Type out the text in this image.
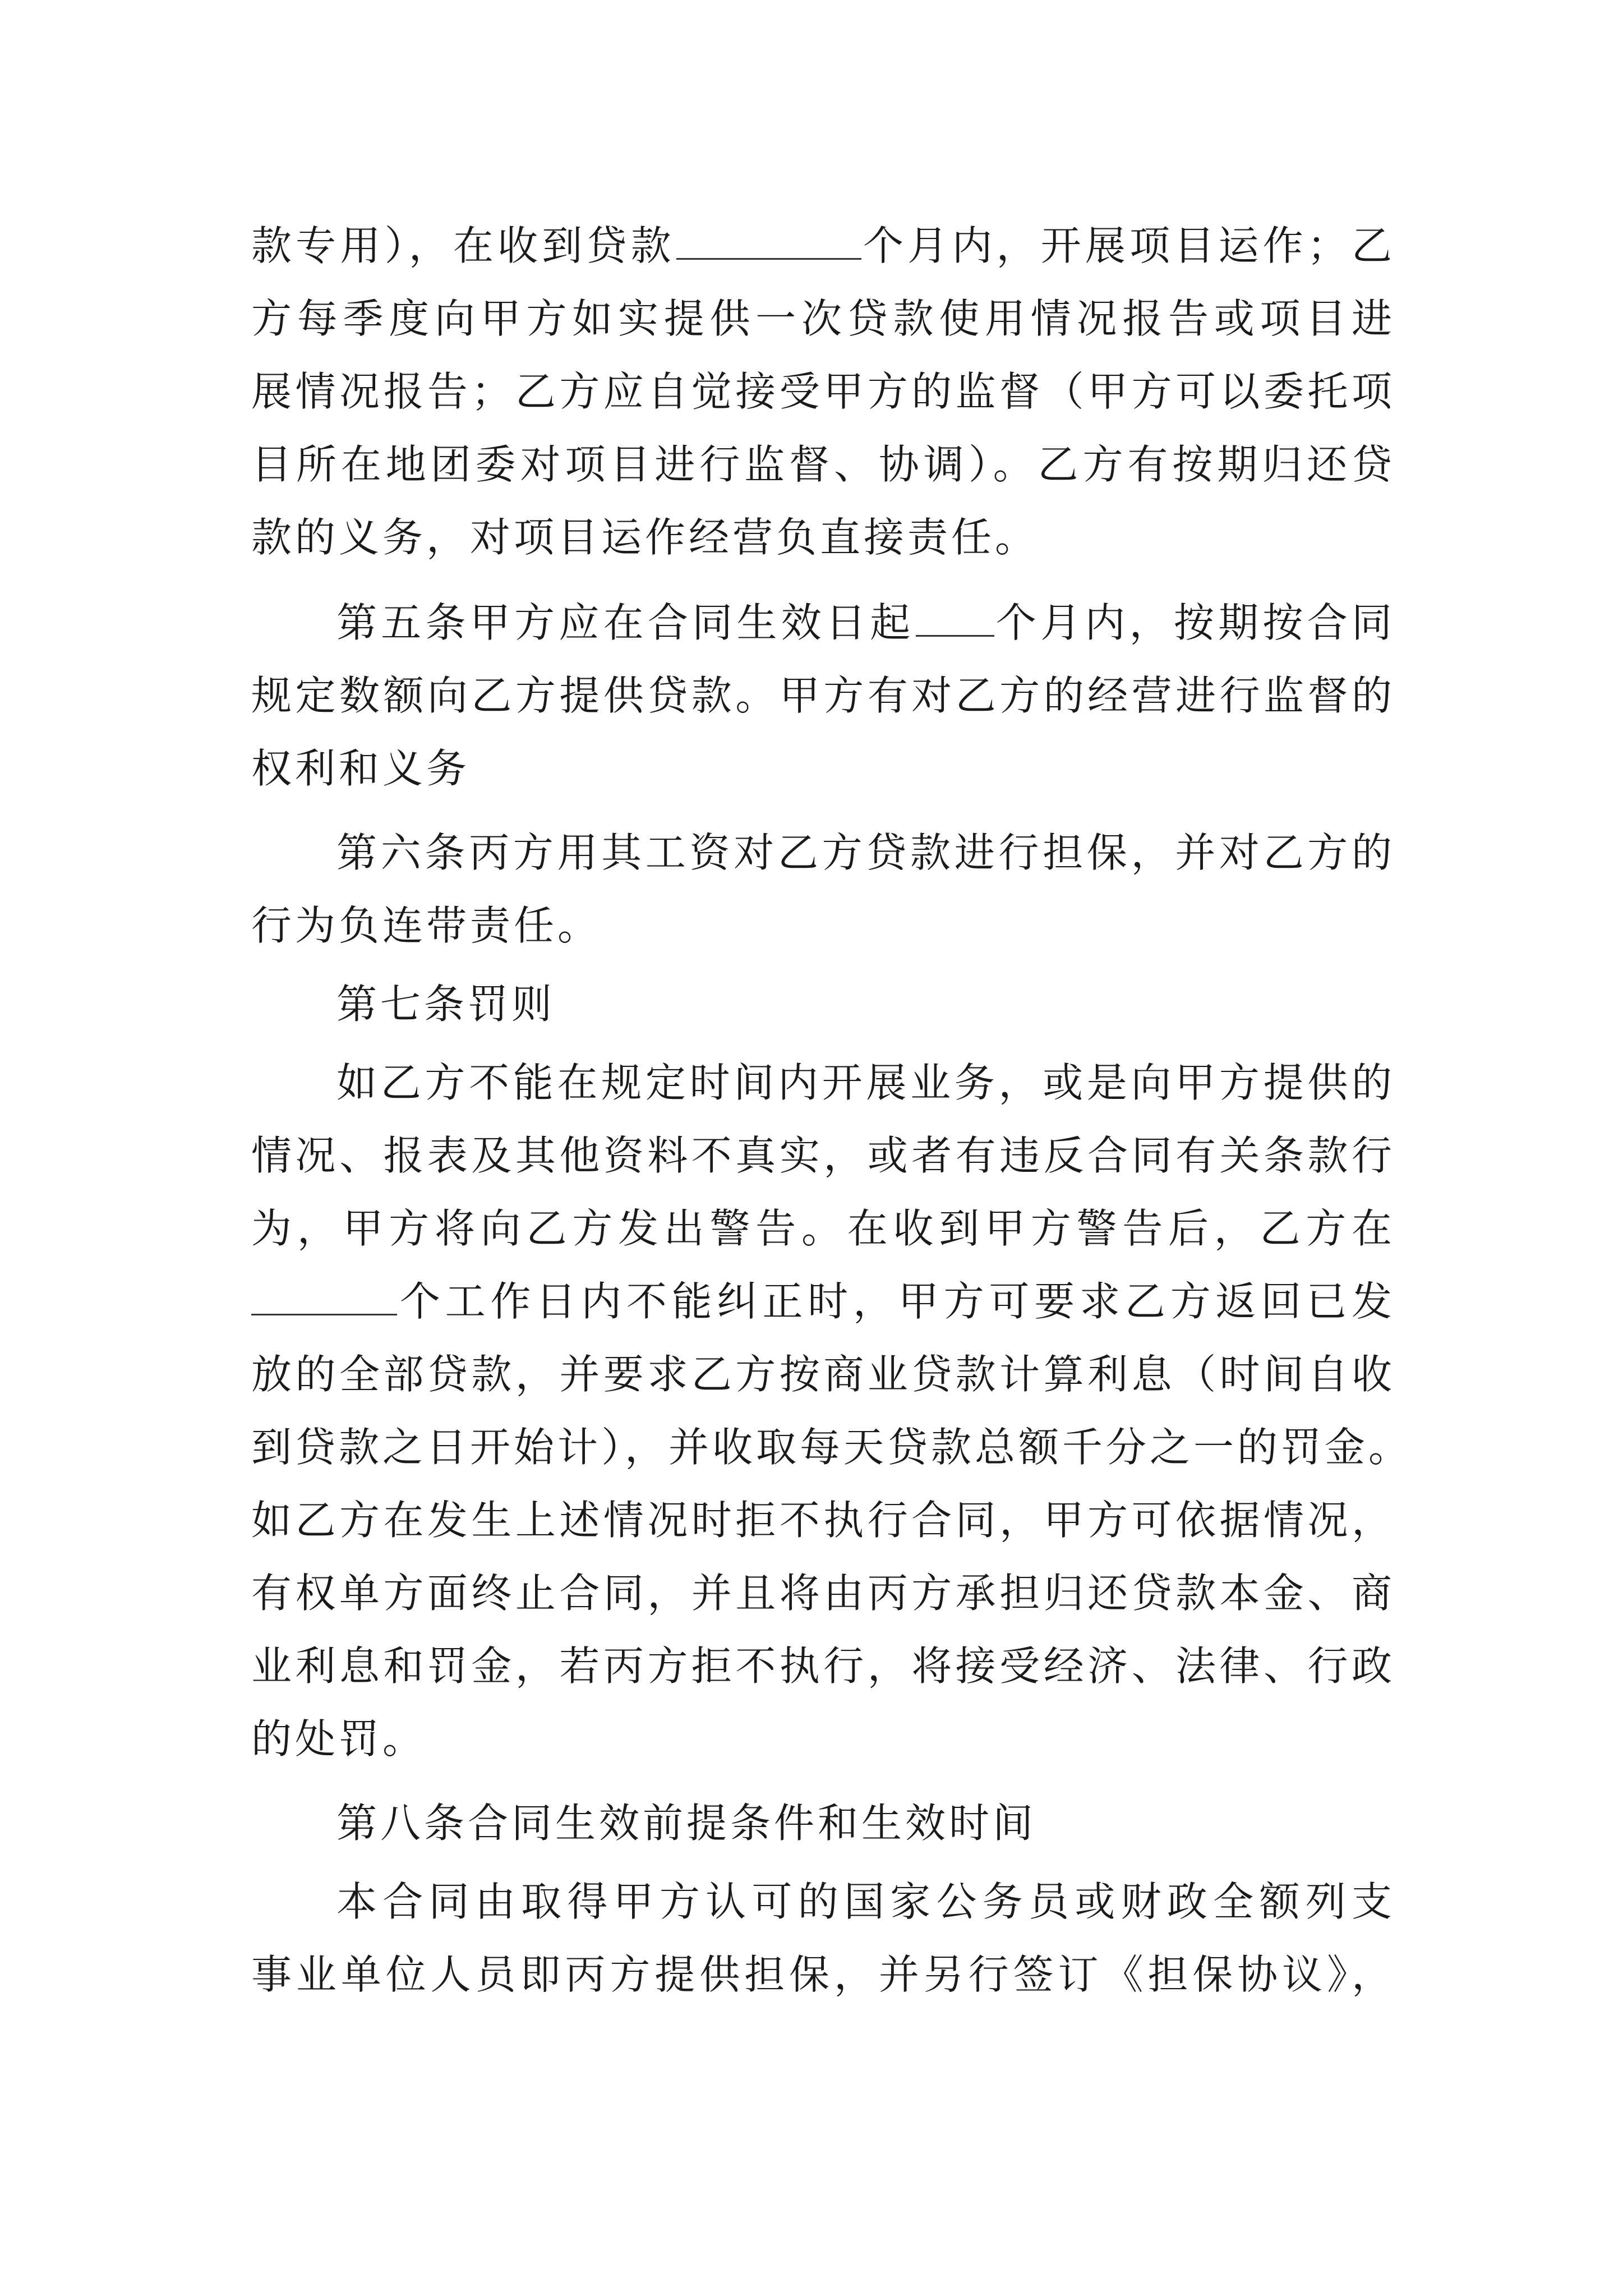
款专用），在收到贷款	个月内，开展项目运作；乙
方每季度向甲方如实提供一次贷款使用情况报告或项目进
展情况报告；乙方应自觉接受甲方的监督（甲方可以委托项
目所在地团委对项目进行监督、协调）。乙方有按期归还贷
款的义务，对项目运作经营负直接责任。
第五条甲方应在合同生效日起 个月内，按期按合同
规定数额向乙方提供贷款。甲方有对乙方的经营进行监督的
权利和义务
第六条丙方用其工资对乙方贷款进行担保，并对乙方的
行为负连带责任。
第七条罚则
如乙方不能在规定时间内开展业务，或是向甲方提供的
情况、报表及其他资料不真实，或者有违反合同有关条款行
为，甲方将向乙方发出警告。在收到甲方警告后，乙方在
个工作日内不能纠正时，甲方可要求乙方返回已发
放的全部贷款，并要求乙方按商业贷款计算利息（时间自收
到贷款之日开始计），并收取每天贷款总额千分之一的罚金。
如乙方在发生上述情况时拒不执行合同，甲方可依据情况，
有权单方面终止合同，并且将由丙方承担归还贷款本金、商
业利息和罚金，若丙方拒不执行，将接受经济、法律、行政
的处罚。
第八条合同生效前提条件和生效时间
本合同由取得甲方认可的国家公务员或财政全额列支
事业单位人员即丙方提供担保，并另行签订《担保协议》，
